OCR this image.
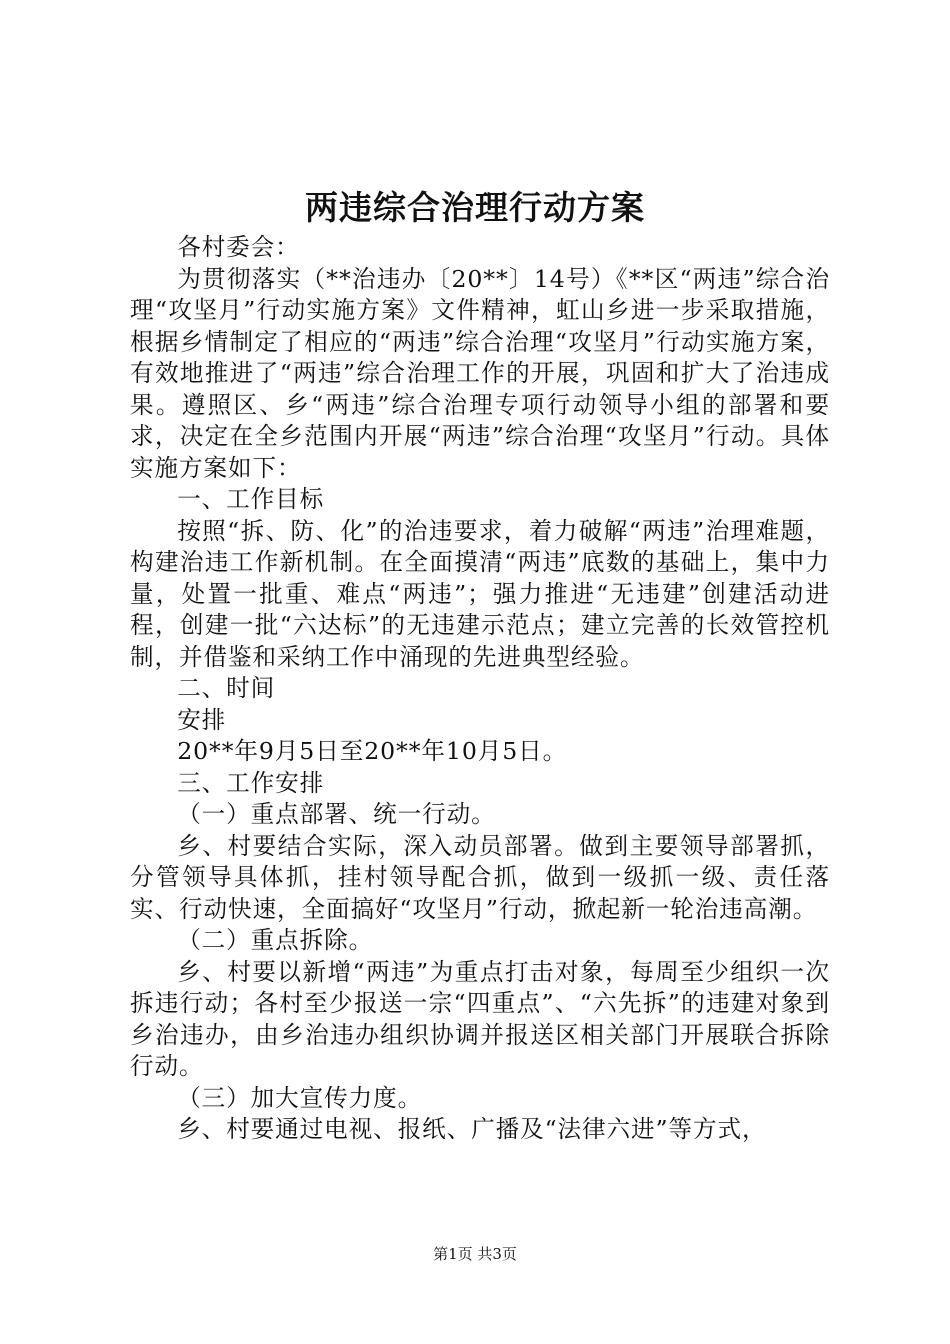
两违综合治理行动方案

各村委会：

为贯彻落实（**治违办〔20**〕14号）《**区“两违”综合治理“攻坚月”行动实施方案》文件精神，虹山乡进一步采取措施，根据乡情制定了相应的“两违”综合治理“攻坚月”行动实施方案，有效地推进了“两违”综合治理工作的开展，巩固和扩大了治违成果。遵照区、乡“两违”综合治理专项行动领导小组的部署和要求，决定在全乡范围内开展“两违”综合治理“攻坚月”行动。具体实施方案如下：

一、工作目标

按照“拆、防、化”的治违要求，着力破解“两违”治理难题，构建治违工作新机制。在全面摸清“两违”底数的基础上，集中力量，处置一批重、难点“两违”；强力推进“无违建”创建活动进程，创建一批“六达标”的无违建示范点；建立完善的长效管控机制，并借鉴和采纳工作中涌现的先进典型经验。

二、时间

安排

20**年9月5日至20**年10月5日。

三、工作安排

（一）重点部署、统一行动。

乡、村要结合实际，深入动员部署。做到主要领导部署抓，分管领导具体抓，挂村领导配合抓，做到一级抓一级、责任落实、行动快速，全面搞好“攻坚月”行动，掀起新一轮治违高潮。

（二）重点拆除。

乡、村要以新增“两违”为重点打击对象，每周至少组织一次拆违行动；各村至少报送一宗“四重点”、“六先拆”的违建对象到乡治违办，由乡治违办组织协调并报送区相关部门开展联合拆除行动。

（三）加大宣传力度。

乡、村要通过电视、报纸、广播及“法律六进”等方式，

第1页 共3页
